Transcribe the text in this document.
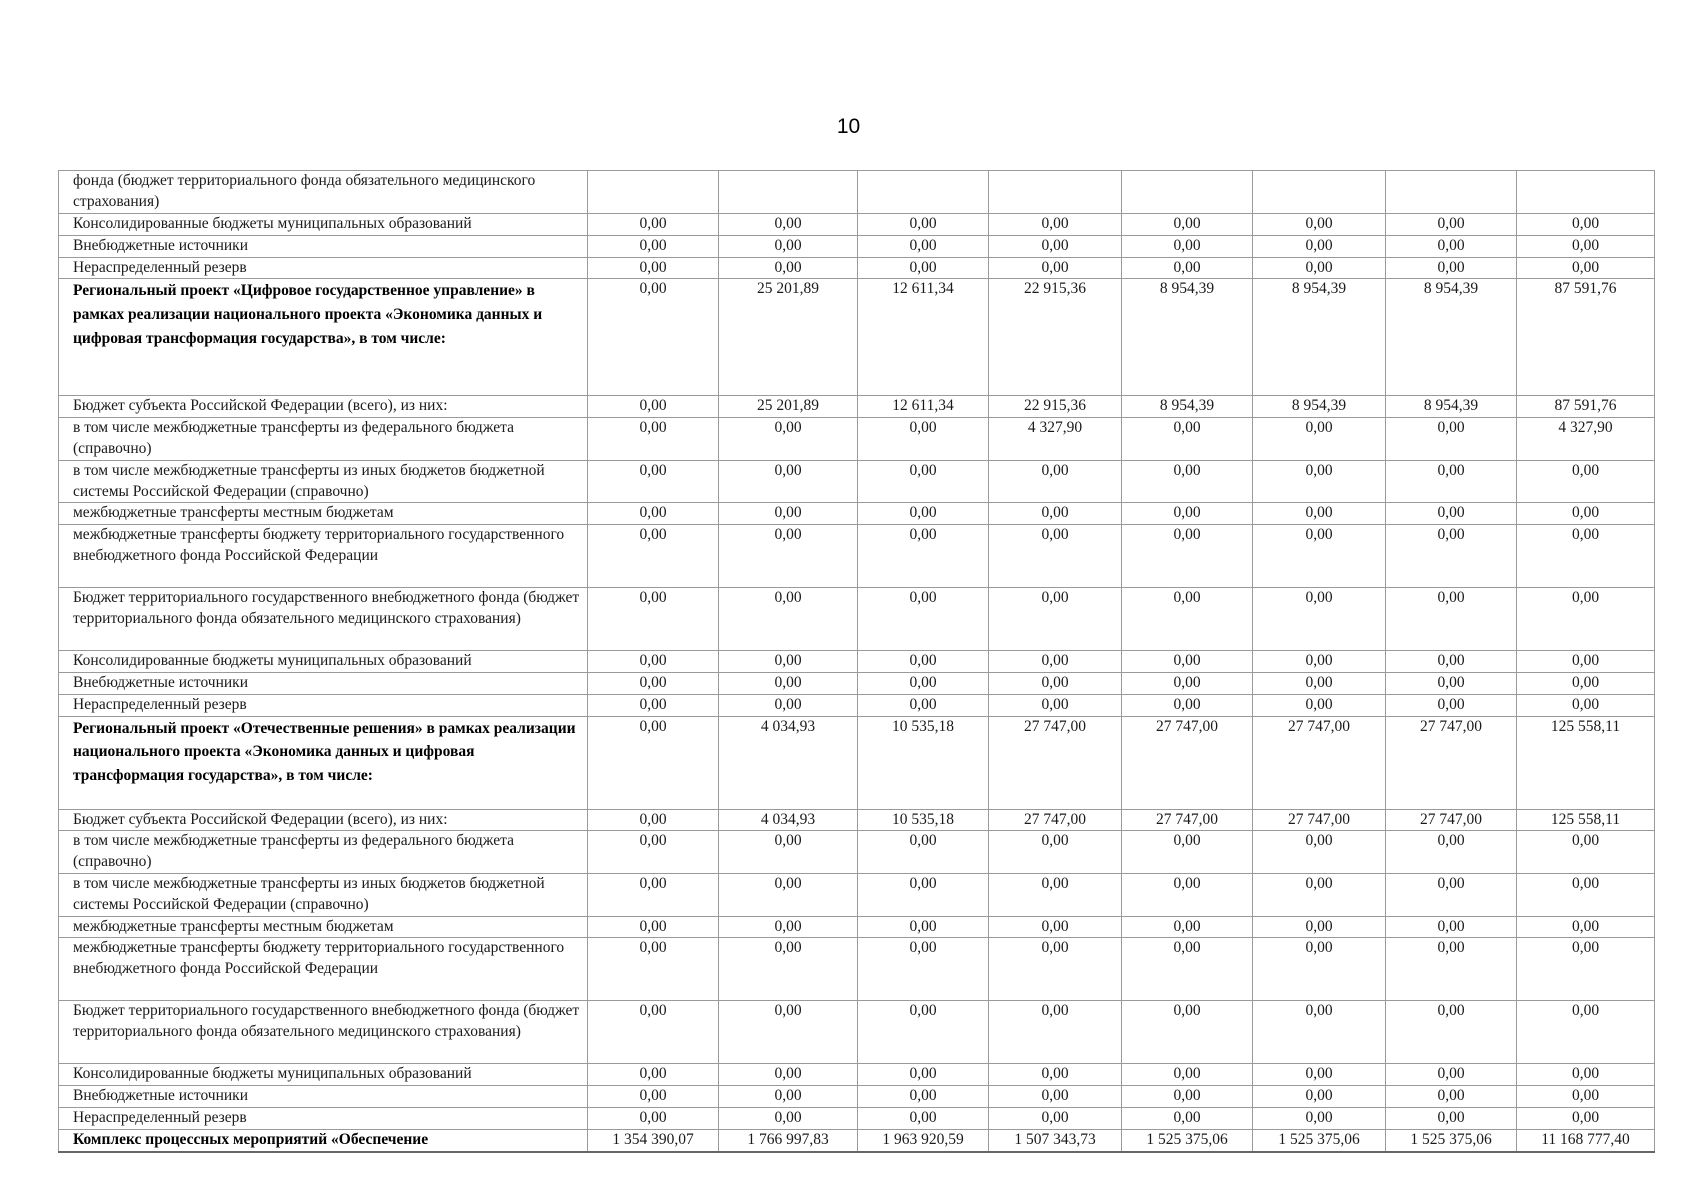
10
фонда (бюджет территориального фонда обязательного медицинского страхования)								
Консолидированные бюджеты муниципальных образований	0,00	0,00	0,00	0,00	0,00	0,00	0,00	0,00
Внебюджетные источники	0,00	0,00	0,00	0,00	0,00	0,00	0,00	0,00
Нераспределенный резерв	0,00	0,00	0,00	0,00	0,00	0,00	0,00	0,00
Региональный проект «Цифровое государственное управление» в рамках реализации национального проекта «Экономика данных и цифровая трансформация государства», в том числе:	0,00	25 201,89	12 611,34	22 915,36	8 954,39	8 954,39	8 954,39	87 591,76
Бюджет субъекта Российской Федерации (всего), из них:	0,00	25 201,89	12 611,34	22 915,36	8 954,39	8 954,39	8 954,39	87 591,76
в том числе межбюджетные трансферты из федерального бюджета (справочно)	0,00	0,00	0,00	4 327,90	0,00	0,00	0,00	4 327,90
в том числе межбюджетные трансферты из иных бюджетов бюджетной системы Российской Федерации (справочно)	0,00	0,00	0,00	0,00	0,00	0,00	0,00	0,00
межбюджетные трансферты местным бюджетам	0,00	0,00	0,00	0,00	0,00	0,00	0,00	0,00
межбюджетные трансферты бюджету территориального государственного внебюджетного фонда Российской Федерации	0,00	0,00	0,00	0,00	0,00	0,00	0,00	0,00
Бюджет территориального государственного внебюджетного фонда (бюджет территориального фонда обязательного медицинского страхования)	0,00	0,00	0,00	0,00	0,00	0,00	0,00	0,00
Консолидированные бюджеты муниципальных образований	0,00	0,00	0,00	0,00	0,00	0,00	0,00	0,00
Внебюджетные источники	0,00	0,00	0,00	0,00	0,00	0,00	0,00	0,00
Нераспределенный резерв	0,00	0,00	0,00	0,00	0,00	0,00	0,00	0,00
Региональный проект «Отечественные решения» в рамках реализации национального проекта «Экономика данных и цифровая трансформация государства», в том числе:	0,00	4 034,93	10 535,18	27 747,00	27 747,00	27 747,00	27 747,00	125 558,11
Бюджет субъекта Российской Федерации (всего), из них:	0,00	4 034,93	10 535,18	27 747,00	27 747,00	27 747,00	27 747,00	125 558,11
в том числе межбюджетные трансферты из федерального бюджета (справочно)	0,00	0,00	0,00	0,00	0,00	0,00	0,00	0,00
в том числе межбюджетные трансферты из иных бюджетов бюджетной системы Российской Федерации (справочно)	0,00	0,00	0,00	0,00	0,00	0,00	0,00	0,00
межбюджетные трансферты местным бюджетам	0,00	0,00	0,00	0,00	0,00	0,00	0,00	0,00
межбюджетные трансферты бюджету территориального государственного внебюджетного фонда Российской Федерации	0,00	0,00	0,00	0,00	0,00	0,00	0,00	0,00
Бюджет территориального государственного внебюджетного фонда (бюджет территориального фонда обязательного медицинского страхования)	0,00	0,00	0,00	0,00	0,00	0,00	0,00	0,00
Консолидированные бюджеты муниципальных образований	0,00	0,00	0,00	0,00	0,00	0,00	0,00	0,00
Внебюджетные источники	0,00	0,00	0,00	0,00	0,00	0,00	0,00	0,00
Нераспределенный резерв	0,00	0,00	0,00	0,00	0,00	0,00	0,00	0,00
Комплекс процессных мероприятий «Обеспечение	1 354 390,07	1 766 997,83	1 963 920,59	1 507 343,73	1 525 375,06	1 525 375,06	1 525 375,06	11 168 777,40
